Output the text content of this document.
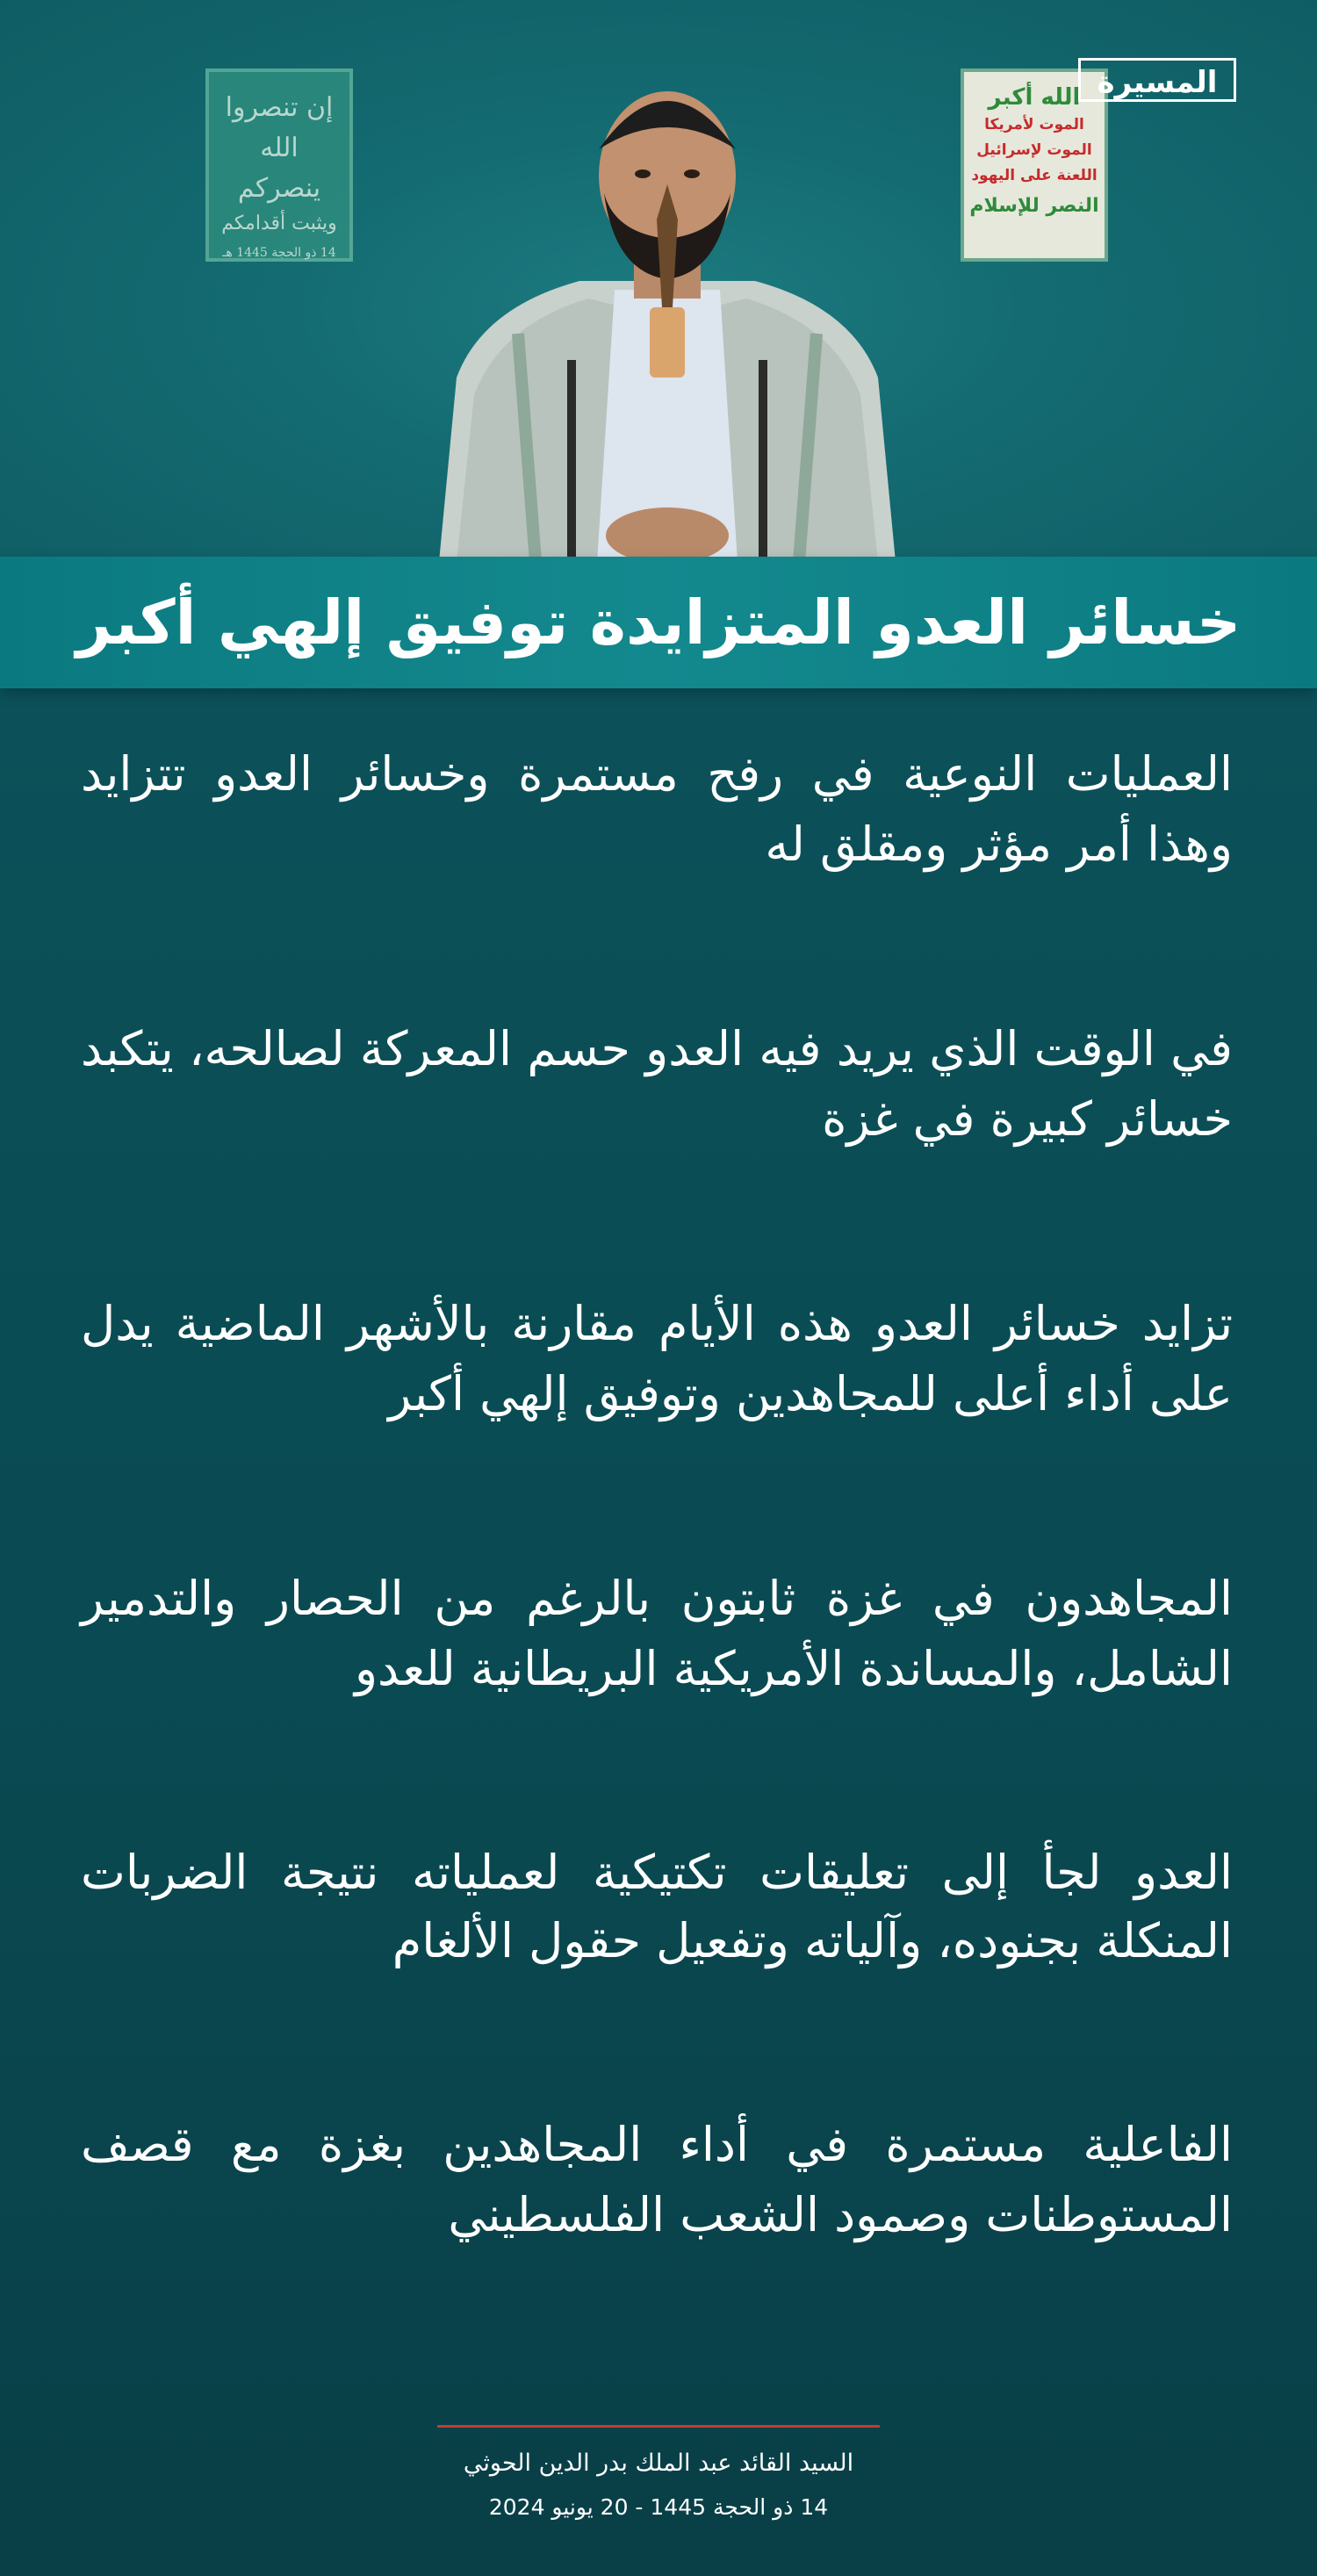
إن تنصروا الله
ينصركم
ويثبت أقدامكم
14 ذو الحجة 1445 هـ
الله أكبر
الموت لأمريكا
الموت لإسرائيل
اللعنة على اليهود
النصر للإسلام
المسيرة
خسائر العدو المتزايدة توفيق إلهي أكبر

العمليات النوعية في رفح مستمرة وخسائر العدو تتزايد وهذا أمر مؤثر ومقلق له

في الوقت الذي يريد فيه العدو حسم المعركة لصالحه، يتكبد خسائر كبيرة في غزة

تزايد خسائر العدو هذه الأيام مقارنة بالأشهر الماضية يدل على أداء أعلى للمجاهدين وتوفيق إلهي أكبر

المجاهدون في غزة ثابتون بالرغم من الحصار والتدمير الشامل، والمساندة الأمريكية البريطانية للعدو

العدو لجأ إلى تعليقات تكتيكية لعملياته نتيجة الضربات المنكلة بجنوده، وآلياته وتفعيل حقول الألغام

الفاعلية مستمرة في أداء المجاهدين بغزة مع قصف المستوطنات وصمود الشعب الفلسطيني

السيد القائد عبد الملك بدر الدين الحوثي
14 ذو الحجة 1445 - 20 يونيو 2024
